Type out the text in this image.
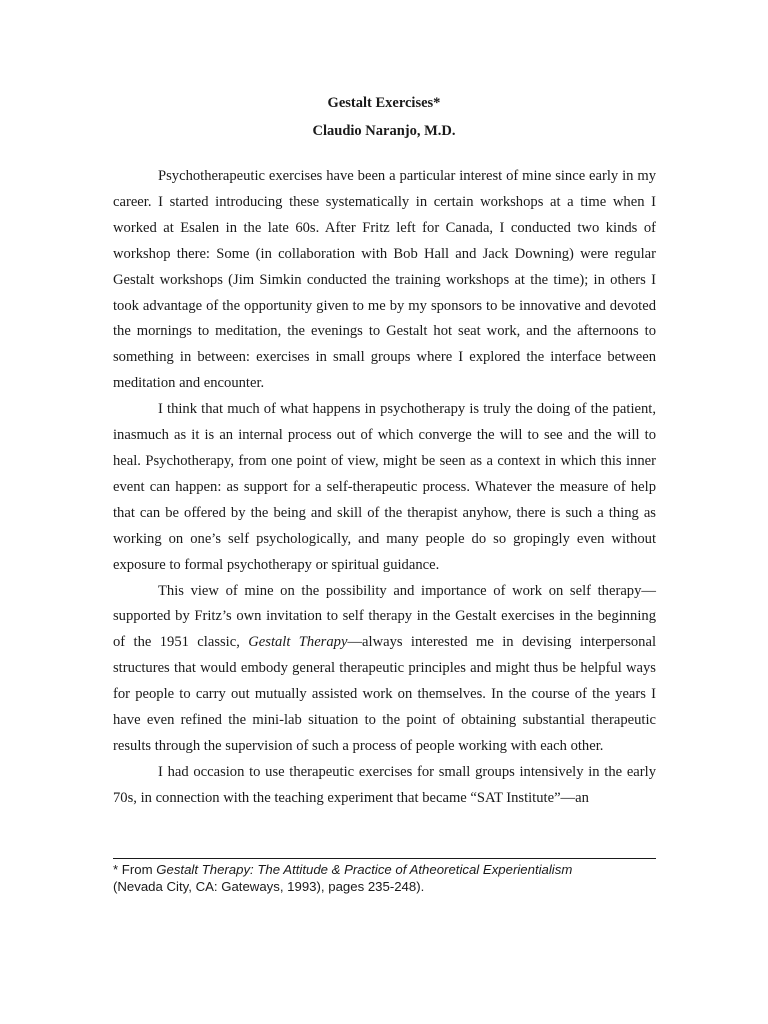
Gestalt Exercises*
Claudio Naranjo, M.D.

Psychotherapeutic exercises have been a particular interest of mine since early in my career. I started introducing these systematically in certain workshops at a time when I worked at Esalen in the late 60s. After Fritz left for Canada, I conducted two kinds of workshop there: Some (in collaboration with Bob Hall and Jack Downing) were regular Gestalt workshops (Jim Simkin conducted the training workshops at the time); in others I took advantage of the opportunity given to me by my sponsors to be innovative and devoted the mornings to meditation, the evenings to Gestalt hot seat work, and the afternoons to something in between: exercises in small groups where I explored the interface between meditation and encounter.

I think that much of what happens in psychotherapy is truly the doing of the patient, inasmuch as it is an internal process out of which converge the will to see and the will to heal. Psychotherapy, from one point of view, might be seen as a context in which this inner event can happen: as support for a self-therapeutic process. Whatever the measure of help that can be offered by the being and skill of the therapist anyhow, there is such a thing as working on one’s self psychologically, and many people do so gropingly even without exposure to formal psychotherapy or spiritual guidance.

This view of mine on the possibility and importance of work on self therapy—supported by Fritz’s own invitation to self therapy in the Gestalt exercises in the beginning of the 1951 classic, Gestalt Therapy—always interested me in devising interpersonal structures that would embody general therapeutic principles and might thus be helpful ways for people to carry out mutually assisted work on themselves. In the course of the years I have even refined the mini-lab situation to the point of obtaining substantial therapeutic results through the supervision of such a process of people working with each other.

I had occasion to use therapeutic exercises for small groups intensively in the early 70s, in connection with the teaching experiment that became “SAT Institute”—an

* From Gestalt Therapy: The Attitude & Practice of Atheoretical Experientialism
(Nevada City, CA: Gateways, 1993), pages 235-248).
